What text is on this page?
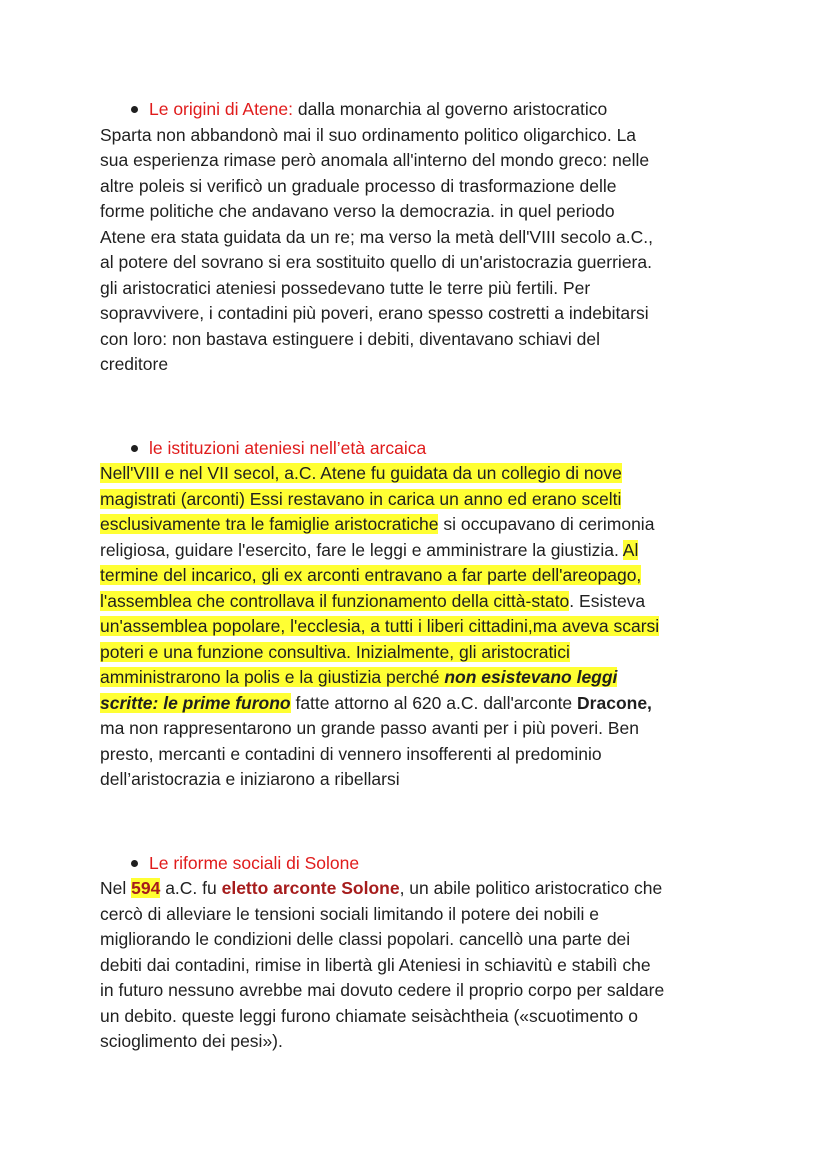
Le origini di Atene: dalla monarchia al governo aristocratico
Sparta non abbandonò mai il suo ordinamento politico oligarchico. La
sua esperienza rimase però anomala all'interno del mondo greco: nelle
altre poleis si verificò un graduale processo di trasformazione delle
forme politiche che andavano verso la democrazia. in quel periodo
Atene era stata guidata da un re; ma verso la metà dell'VIII secolo a.C.,
al potere del sovrano si era sostituito quello di un'aristocrazia guerriera.
gli aristocratici ateniesi possedevano tutte le terre più fertili. Per
sopravvivere, i contadini più poveri, erano spesso costretti a indebitarsi
con loro: non bastava estinguere i debiti, diventavano schiavi del
creditore
le istituzioni ateniesi nell’età arcaica
Nell'VIII e nel VII secol, a.C. Atene fu guidata da un collegio di nove
magistrati (arconti) Essi restavano in carica un anno ed erano scelti
esclusivamente tra le famiglie aristocratiche si occupavano di cerimonia
religiosa, guidare l'esercito, fare le leggi e amministrare la giustizia. Al
termine del incarico, gli ex arconti entravano a far parte dell'areopago,
l'assemblea che controllava il funzionamento della città-stato. Esisteva
un'assemblea popolare, l'ecclesia, a tutti i liberi cittadini,ma aveva scarsi
poteri e una funzione consultiva. Inizialmente, gli aristocratici
amministrarono la polis e la giustizia perché non esistevano leggi
scritte: le prime furono fatte attorno al 620 a.C. dall'arconte Dracone,
ma non rappresentarono un grande passo avanti per i più poveri. Ben
presto, mercanti e contadini di vennero insofferenti al predominio
dell’aristocrazia e iniziarono a ribellarsi
Le riforme sociali di Solone
Nel 594 a.C. fu eletto arconte Solone, un abile politico aristocratico che
cercò di alleviare le tensioni sociali limitando il potere dei nobili e
migliorando le condizioni delle classi popolari. cancellò una parte dei
debiti dai contadini, rimise in libertà gli Ateniesi in schiavitù e stabilì che
in futuro nessuno avrebbe mai dovuto cedere il proprio corpo per saldare
un debito. queste leggi furono chiamate seisàchtheia («scuotimento o
scioglimento dei pesi»).
